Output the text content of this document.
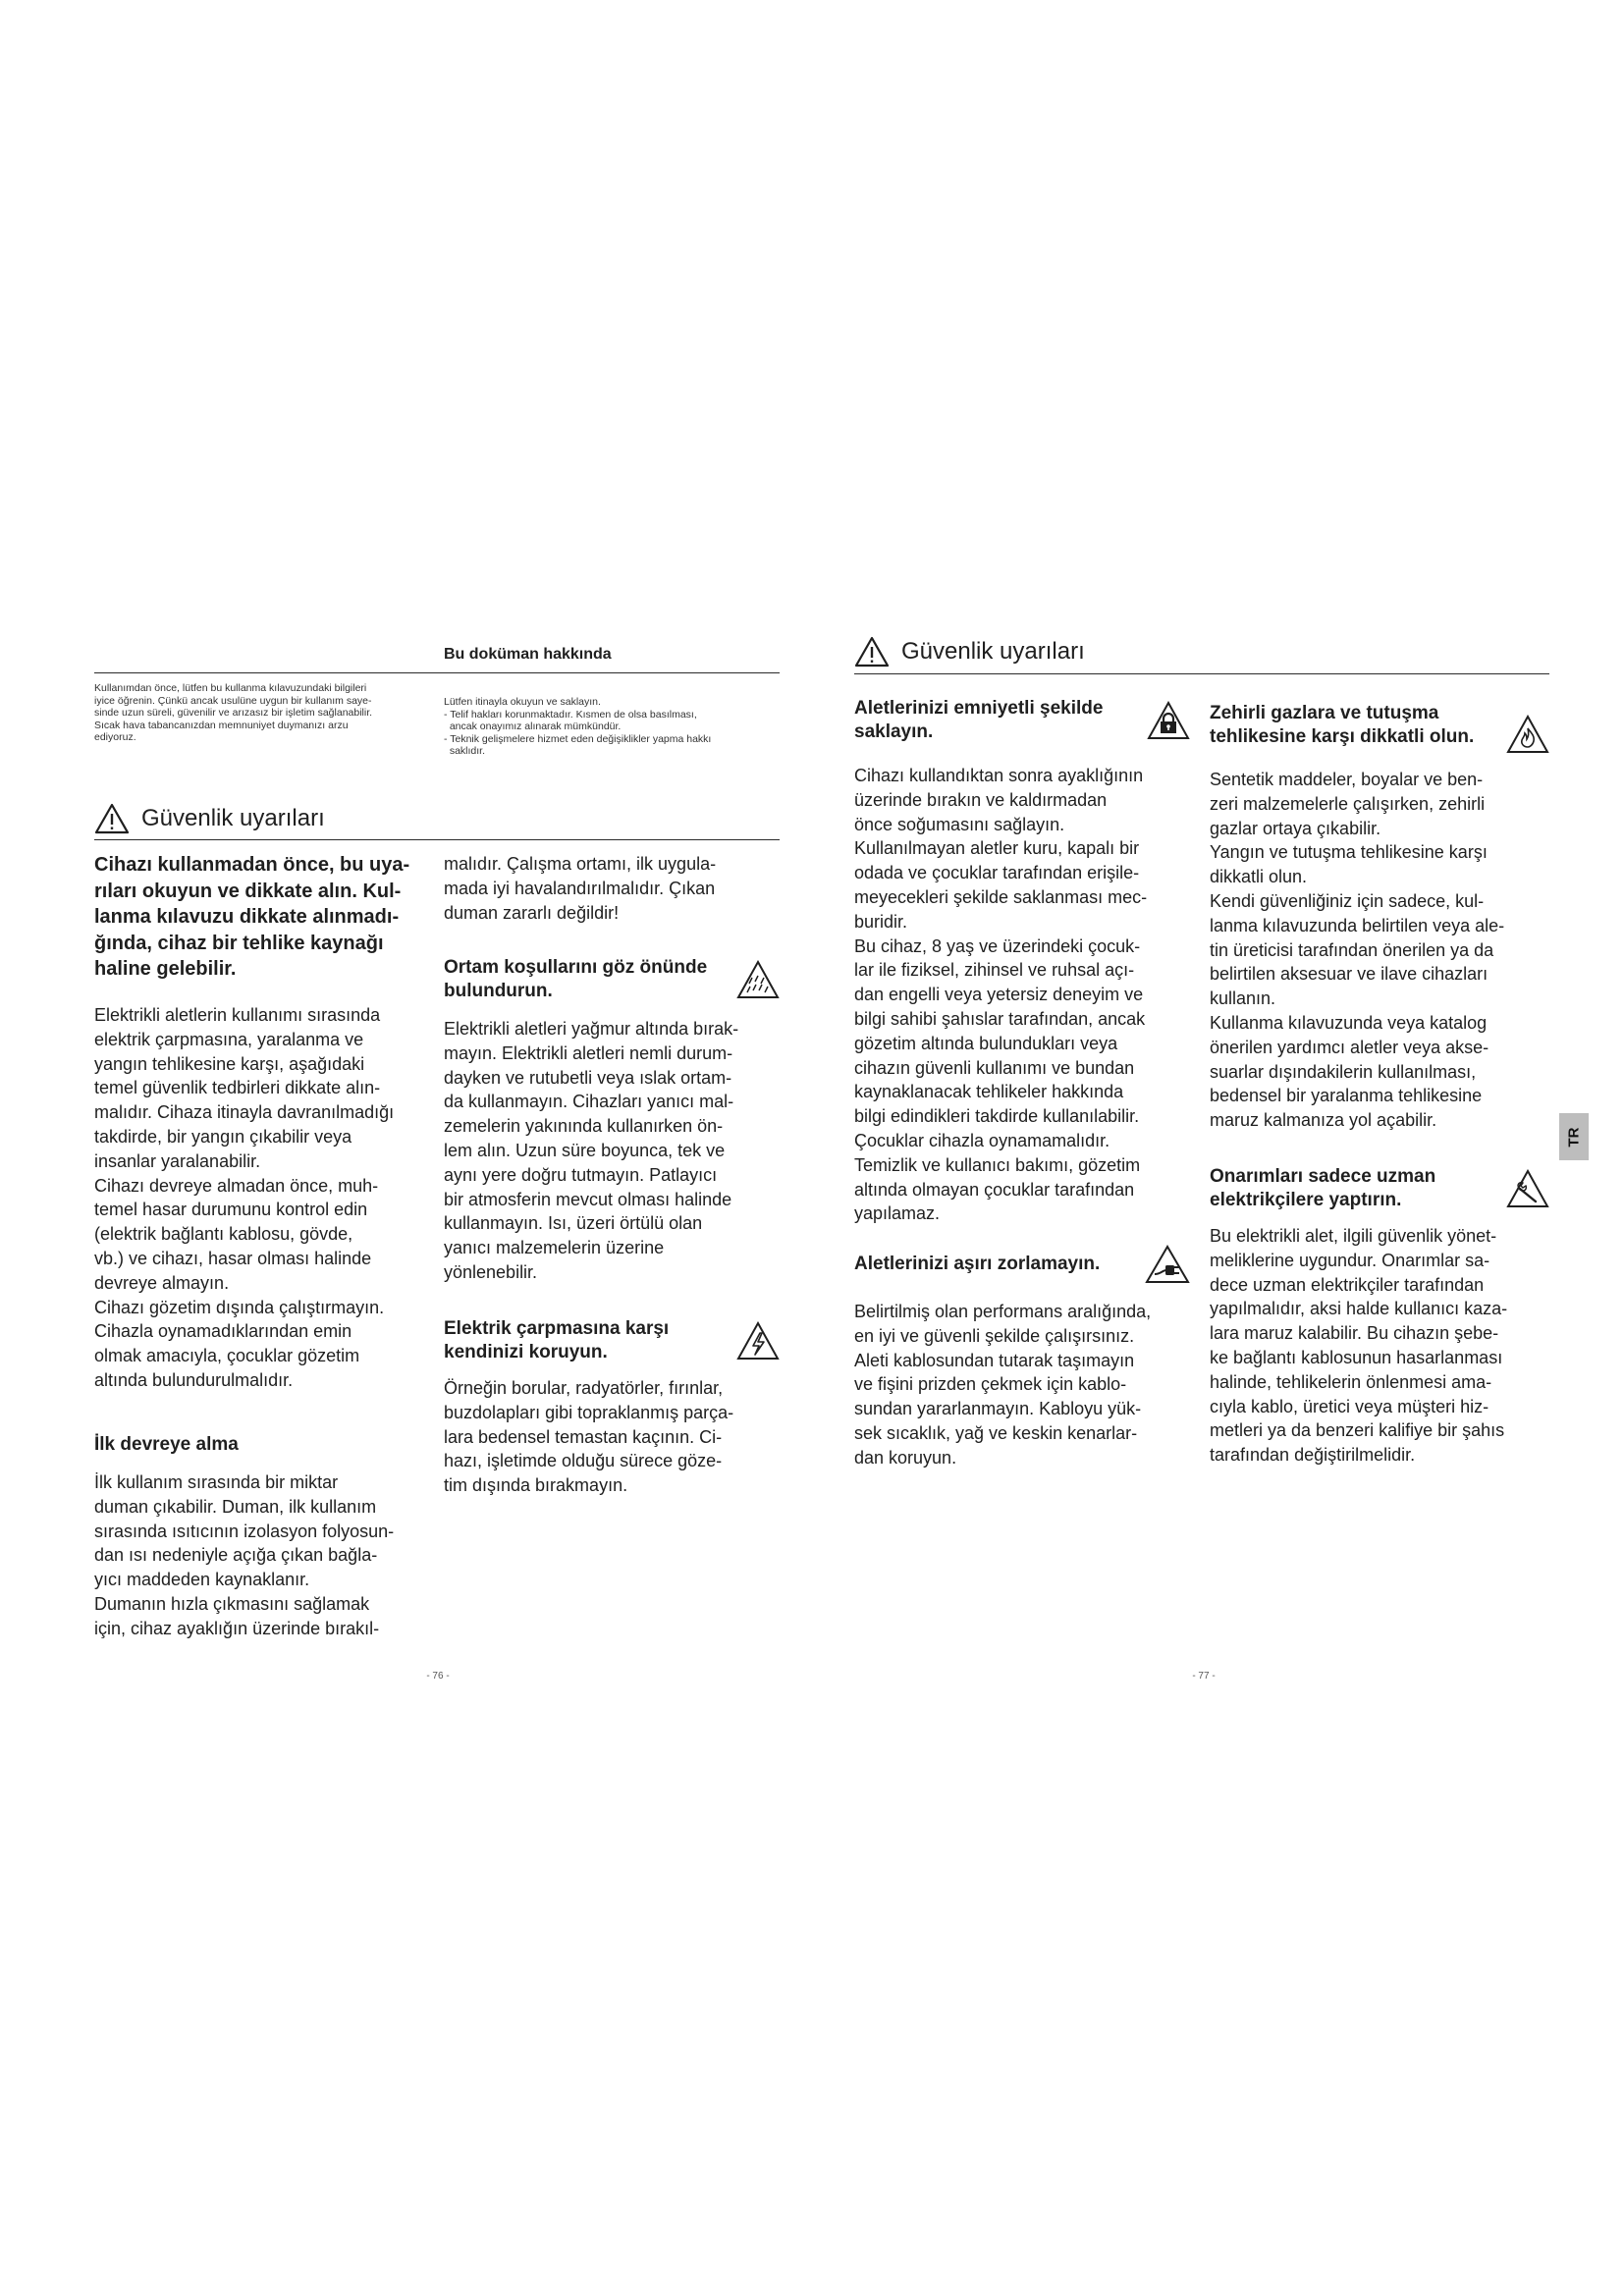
Bu doküman hakkında
Kullanımdan önce, lütfen bu kullanma kılavuzundaki bilgileri
iyice öğrenin. Çünkü ancak usulüne uygun bir kullanım saye-
sinde uzun süreli, güvenilir ve arızasız bir işletim sağlanabilir.
Sıcak hava tabancanızdan memnuniyet duymanızı arzu
ediyoruz.
Lütfen itinayla okuyun ve saklayın.
- Telif hakları korunmaktadır. Kısmen de olsa basılması,
ancak onayımız alınarak mümkündür.
- Teknik gelişmelere hizmet eden değişiklikler yapma hakkı
saklıdır.
Güvenlik uyarıları
Cihazı kullanmadan önce, bu uya-
rıları okuyun ve dikkate alın. Kul-
lanma kılavuzu dikkate alınmadı-
ğında, cihaz bir tehlike kaynağı
haline gelebilir.
Elektrikli aletlerin kullanımı sırasında
elektrik çarpmasına, yaralanma ve
yangın tehlikesine karşı, aşağıdaki
temel güvenlik tedbirleri dikkate alın-
malıdır. Cihaza itinayla davranılmadığı
takdirde, bir yangın çıkabilir veya
insanlar yaralanabilir.
Cihazı devreye almadan önce, muh-
temel hasar durumunu kontrol edin
(elektrik bağlantı kablosu, gövde,
vb.) ve cihazı, hasar olması halinde
devreye almayın.
Cihazı gözetim dışında çalıştırmayın.
Cihazla oynamadıklarından emin
olmak amacıyla, çocuklar gözetim
altında bulundurulmalıdır.
İlk devreye alma
İlk kullanım sırasında bir miktar
duman çıkabilir. Duman, ilk kullanım
sırasında ısıtıcının izolasyon folyosun-
dan ısı nedeniyle açığa çıkan bağla-
yıcı maddeden kaynaklanır.
Dumanın hızla çıkmasını sağlamak
için, cihaz ayaklığın üzerinde bırakıl-
malıdır. Çalışma ortamı, ilk uygula-
mada iyi havalandırılmalıdır. Çıkan
duman zararlı değildir!
Ortam koşullarını göz önünde
bulundurun.
Elektrikli aletleri yağmur altında bırak-
mayın. Elektrikli aletleri nemli durum-
dayken ve rutubetli veya ıslak ortam-
da kullanmayın. Cihazları yanıcı mal-
zemelerin yakınında kullanırken ön-
lem alın. Uzun süre boyunca, tek ve
aynı yere doğru tutmayın. Patlayıcı
bir atmosferin mevcut olması halinde
kullanmayın. Isı, üzeri örtülü olan
yanıcı malzemelerin üzerine
yönlenebilir.
Elektrik çarpmasına karşı
kendinizi koruyun.
Örneğin borular, radyatörler, fırınlar,
buzdolapları gibi topraklanmış parça-
lara bedensel temastan kaçının. Ci-
hazı, işletimde olduğu sürece göze-
tim dışında bırakmayın.
- 76 -
Güvenlik uyarıları
Aletlerinizi emniyetli şekilde
saklayın.
Cihazı kullandıktan sonra ayaklığının
üzerinde bırakın ve kaldırmadan
önce soğumasını sağlayın.
Kullanılmayan aletler kuru, kapalı bir
odada ve çocuklar tarafından erişile-
meyecekleri şekilde saklanması mec-
buridir.
Bu cihaz, 8 yaş ve üzerindeki çocuk-
lar ile fiziksel, zihinsel ve ruhsal açı-
dan engelli veya yetersiz deneyim ve
bilgi sahibi şahıslar tarafından, ancak
gözetim altında bulundukları veya
cihazın güvenli kullanımı ve bundan
kaynaklanacak tehlikeler hakkında
bilgi edindikleri takdirde kullanılabilir.
Çocuklar cihazla oynamamalıdır.
Temizlik ve kullanıcı bakımı, gözetim
altında olmayan çocuklar tarafından
yapılamaz.
Aletlerinizi aşırı zorlamayın.
Belirtilmiş olan performans aralığında,
en iyi ve güvenli şekilde çalışırsınız.
Aleti kablosundan tutarak taşımayın
ve fişini prizden çekmek için kablo-
sundan yararlanmayın. Kabloyu yük-
sek sıcaklık, yağ ve keskin kenarlar-
dan koruyun.
Zehirli gazlara ve tutuşma
tehlikesine karşı dikkatli olun.
Sentetik maddeler, boyalar ve ben-
zeri malzemelerle çalışırken, zehirli
gazlar ortaya çıkabilir.
Yangın ve tutuşma tehlikesine karşı
dikkatli olun.
Kendi güvenliğiniz için sadece, kul-
lanma kılavuzunda belirtilen veya ale-
tin üreticisi tarafından önerilen ya da
belirtilen aksesuar ve ilave cihazları
kullanın.
Kullanma kılavuzunda veya katalog
önerilen yardımcı aletler veya akse-
suarlar dışındakilerin kullanılması,
bedensel bir yaralanma tehlikesine
maruz kalmanıza yol açabilir.
Onarımları sadece uzman
elektrikçilere yaptırın.
Bu elektrikli alet, ilgili güvenlik yönet-
meliklerine uygundur. Onarımlar sa-
dece uzman elektrikçiler tarafından
yapılmalıdır, aksi halde kullanıcı kaza-
lara maruz kalabilir. Bu cihazın şebe-
ke bağlantı kablosunun hasarlanması
halinde, tehlikelerin önlenmesi ama-
cıyla kablo, üretici veya müşteri hiz-
metleri ya da benzeri kalifiye bir şahıs
tarafından değiştirilmelidir.
TR
- 77 -
